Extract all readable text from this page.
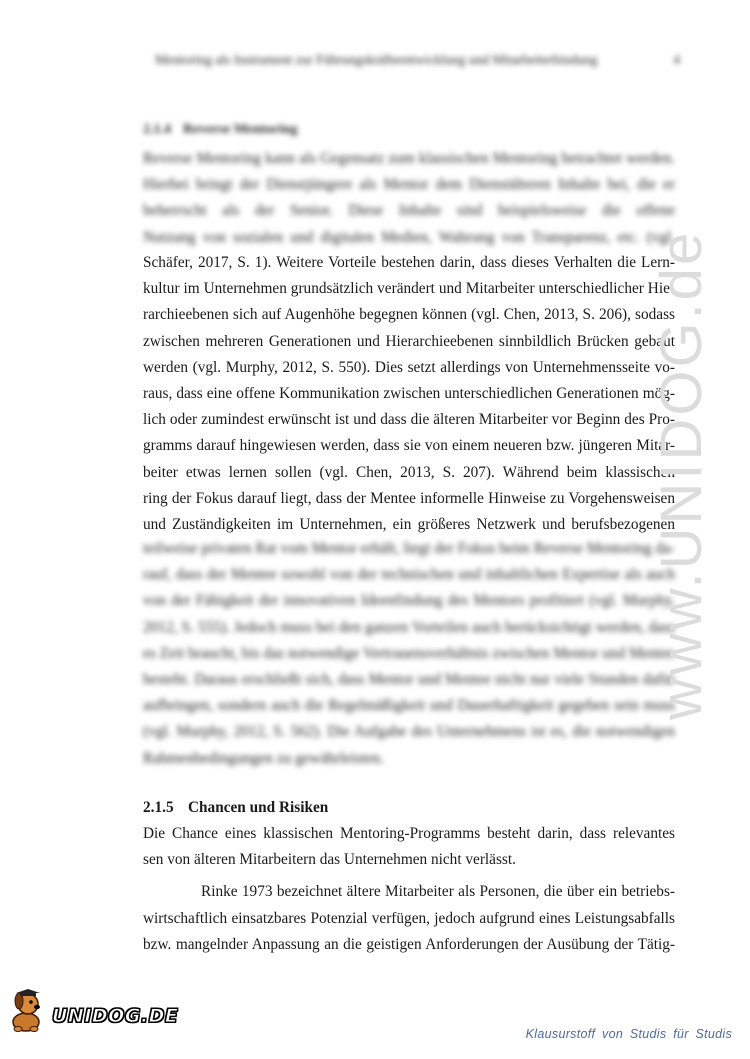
Mentoring als Instrument zur Führungskräfteentwicklung und Mitarbeiterbindung	4
2.1.4 Reverse Mentoring
Reverse Mentoring kann als Gegensatz zum klassischen Mentoring betrachtet werden.
Hierbei bringt der Dienstjüngere als Mentor dem Dienstälteren Inhalte bei, die er
beherrscht als der Senior. Diese Inhalte sind beispielsweise die offene
Nutzung von sozialen und digitalen Medien, Wahrung von Transparenz, etc. (vgl.
Schäfer, 2017, S. 1). Weitere Vorteile bestehen darin, dass dieses Verhalten die Lern-
kultur im Unternehmen grundsätzlich verändert und Mitarbeiter unterschiedlicher Hie-
rarchieebenen sich auf Augenhöhe begegnen können (vgl. Chen, 2013, S. 206), sodass
zwischen mehreren Generationen und Hierarchieebenen sinnbildlich Brücken gebaut
werden (vgl. Murphy, 2012, S. 550). Dies setzt allerdings von Unternehmensseite vo-
raus, dass eine offene Kommunikation zwischen unterschiedlichen Generationen mög-
lich oder zumindest erwünscht ist und dass die älteren Mitarbeiter vor Beginn des Pro-
gramms darauf hingewiesen werden, dass sie von einem neueren bzw. jüngeren Mitar-
beiter etwas lernen sollen (vgl. Chen, 2013, S. 207). Während beim klassischen
ring der Fokus darauf liegt, dass der Mentee informelle Hinweise zu Vorgehensweisen
und Zuständigkeiten im Unternehmen, ein größeres Netzwerk und berufsbezogenen
teilweise privaten Rat vom Mentor erhält, liegt der Fokus beim Reverse Mentoring da-
rauf, dass der Mentee sowohl von der technischen und inhaltlichen Expertise als auch
von der Fähigkeit der innovativen Ideenfindung des Mentors profitiert (vgl. Murphy,
2012, S. 555). Jedoch muss bei den ganzen Vorteilen auch berücksichtigt werden, dass
es Zeit braucht, bis das notwendige Vertrauensverhältnis zwischen Mentor und Mentee
besteht. Daraus erschließt sich, dass Mentor und Mentee nicht nur viele Stunden dafür
aufbringen, sondern auch die Regelmäßigkeit und Dauerhaftigkeit gegeben sein muss
(vgl. Murphy, 2012, S. 562). Die Aufgabe des Unternehmens ist es, die notwendigen
Rahmenbedingungen zu gewährleisten.
2.1.5 Chancen und Risiken
Die Chance eines klassischen Mentoring-Programms besteht darin, dass relevantes
sen von älteren Mitarbeitern das Unternehmen nicht verlässt.
Rinke 1973 bezeichnet ältere Mitarbeiter als Personen, die über ein betriebs-
wirtschaftlich einsatzbares Potenzial verfügen, jedoch aufgrund eines Leistungsabfalls
bzw. mangelnder Anpassung an die geistigen Anforderungen der Ausübung der Tätig-
www.UNIDOG.de
UNIDOG.DE
Klausurstoff von Studis für Studis
